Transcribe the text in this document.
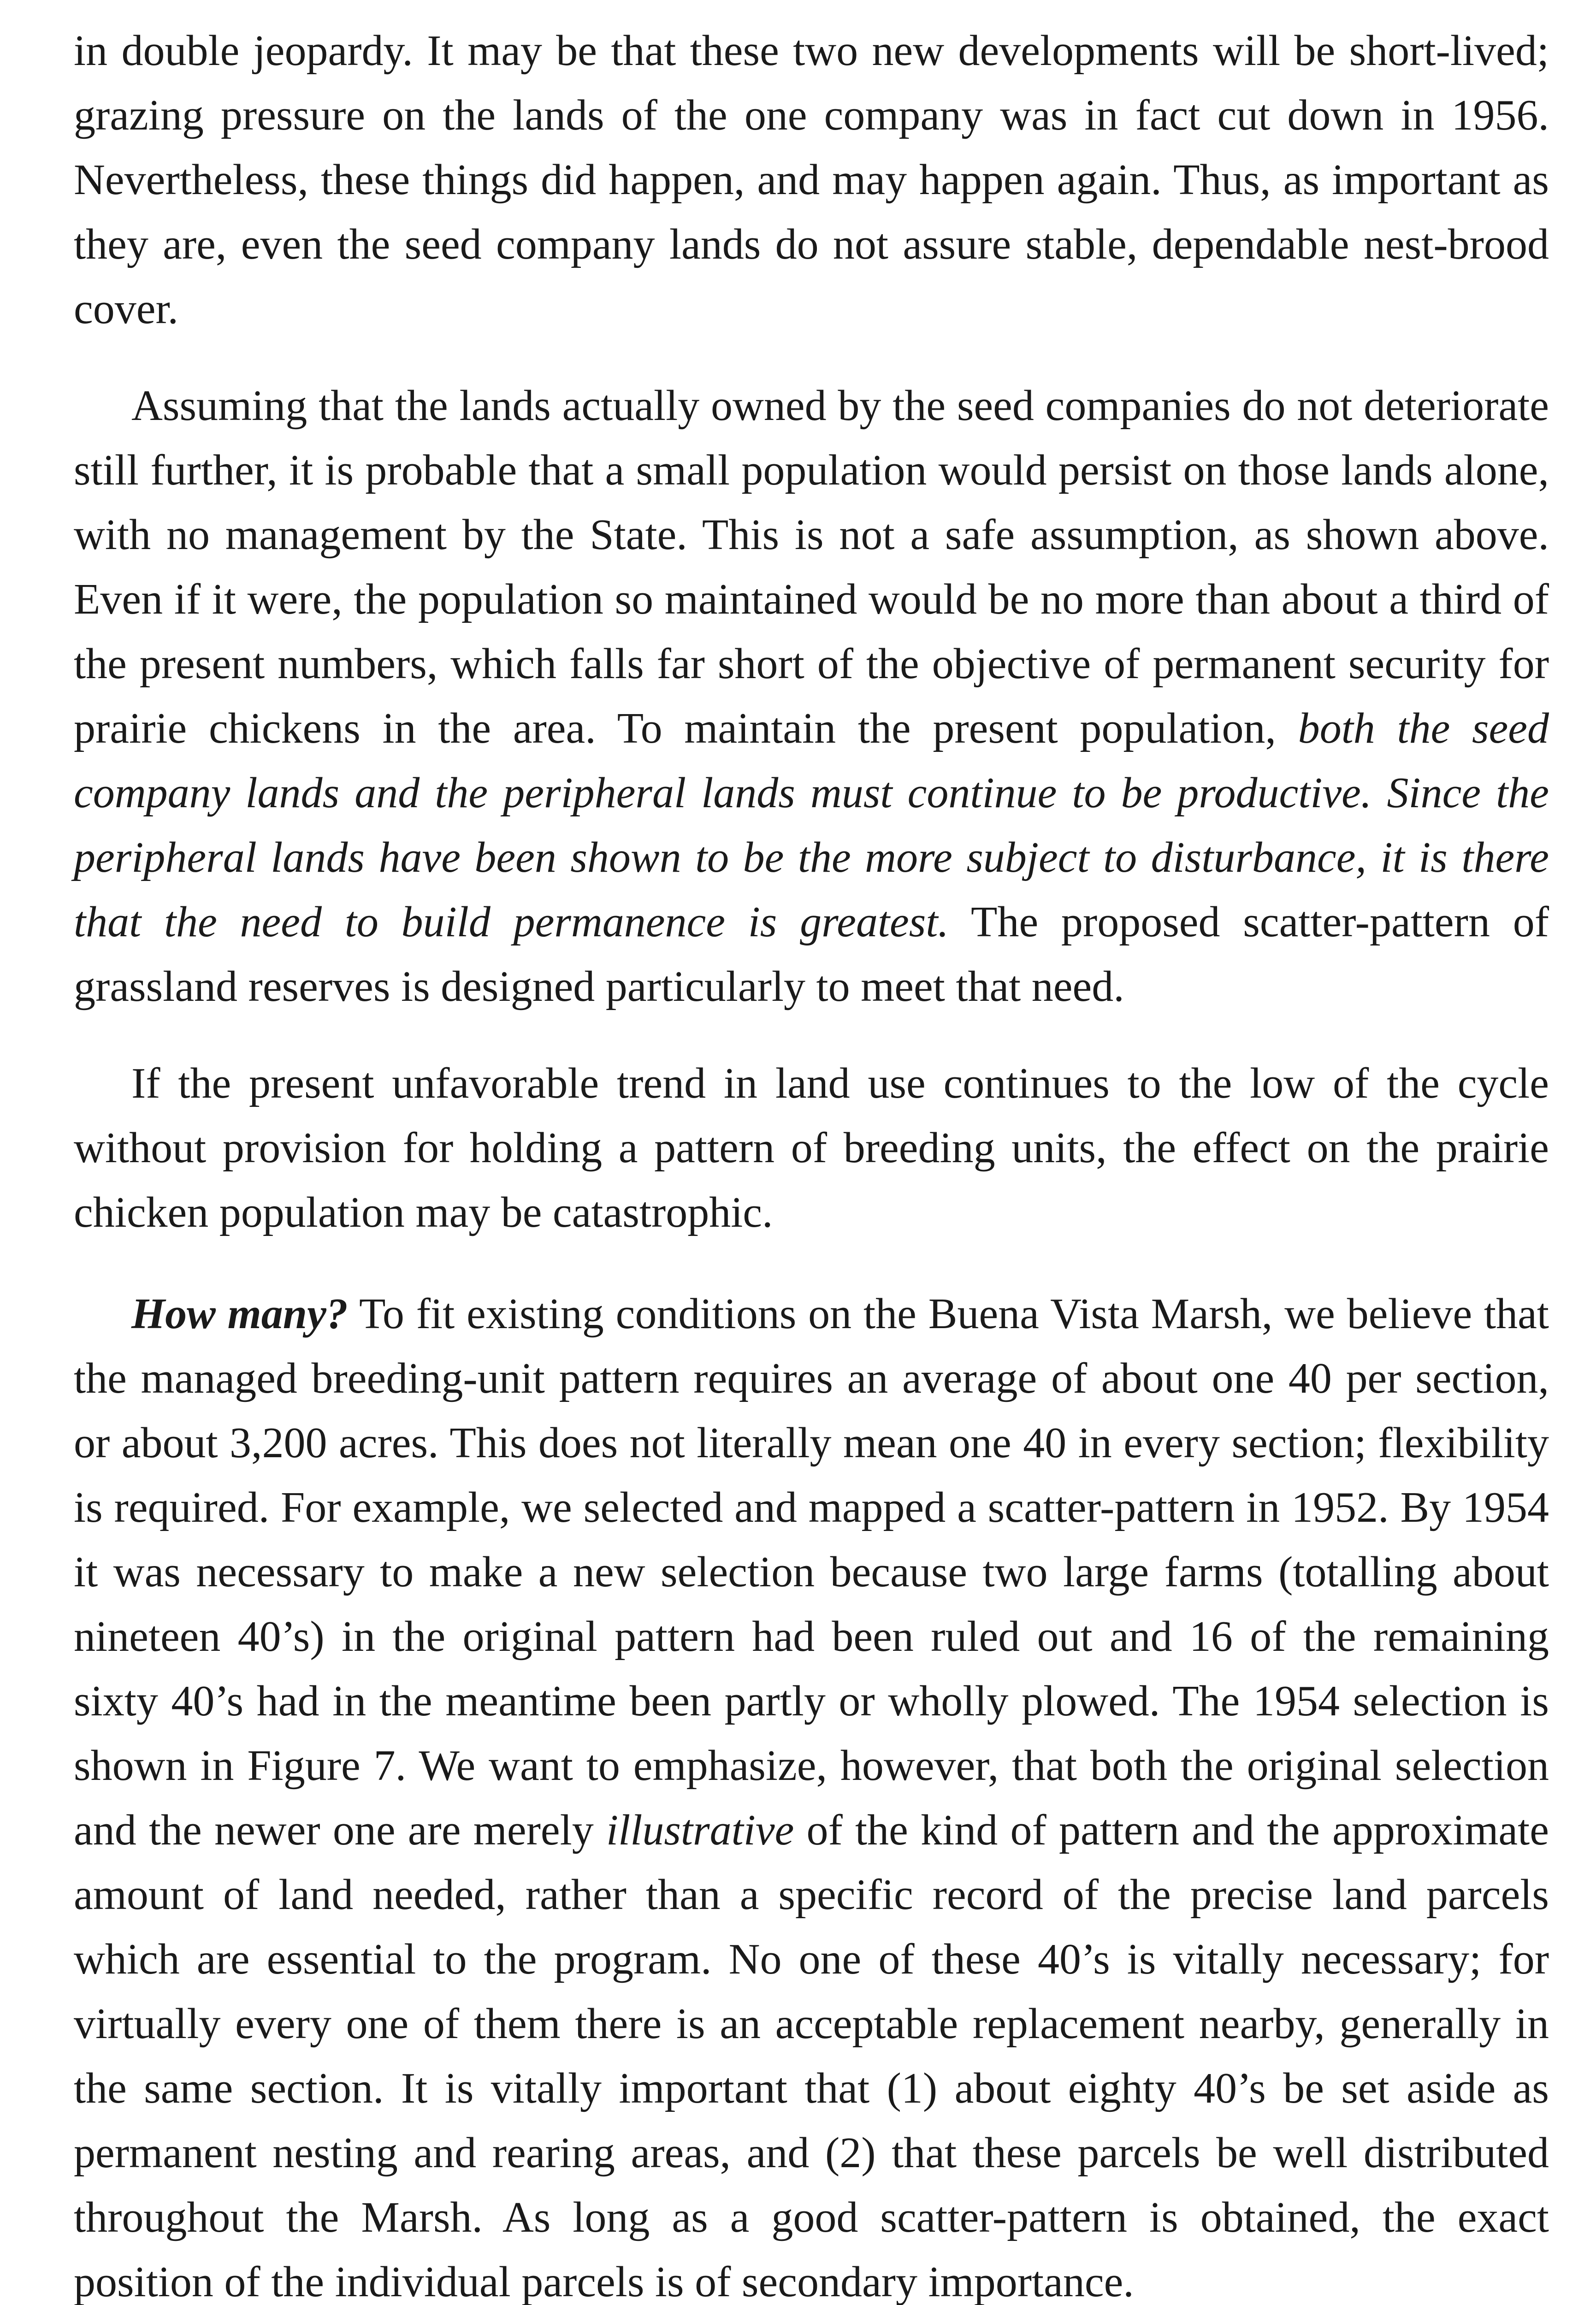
in double jeopardy. It may be that these two new developments will be short-lived; grazing pressure on the lands of the one company was in fact cut down in 1956. Nevertheless, these things did happen, and may happen again. Thus, as important as they are, even the seed company lands do not assure stable, dependable nest-brood cover.

Assuming that the lands actually owned by the seed companies do not deteriorate still further, it is probable that a small population would persist on those lands alone, with no management by the State. This is not a safe assumption, as shown above. Even if it were, the population so maintained would be no more than about a third of the present numbers, which falls far short of the objective of permanent security for prairie chickens in the area. To maintain the present population, both the seed company lands and the peripheral lands must continue to be productive. Since the peripheral lands have been shown to be the more subject to disturbance, it is there that the need to build permanence is greatest. The proposed scatter-pattern of grassland reserves is designed particularly to meet that need.

If the present unfavorable trend in land use continues to the low of the cycle without provision for holding a pattern of breeding units, the effect on the prairie chicken population may be catastrophic.

How many? To fit existing conditions on the Buena Vista Marsh, we believe that the managed breeding-unit pattern requires an average of about one 40 per section, or about 3,200 acres. This does not literally mean one 40 in every section; flexibility is required. For example, we selected and mapped a scatter-pattern in 1952. By 1954 it was necessary to make a new selection because two large farms (totalling about nineteen 40’s) in the original pattern had been ruled out and 16 of the remaining sixty 40’s had in the meantime been partly or wholly plowed. The 1954 selection is shown in Figure 7. We want to emphasize, however, that both the original selection and the newer one are merely illustrative of the kind of pattern and the approximate amount of land needed, rather than a specific record of the precise land parcels which are essential to the program. No one of these 40’s is vitally necessary; for virtually every one of them there is an acceptable replacement nearby, generally in the same section. It is vitally important that (1) about eighty 40’s be set aside as permanent nesting and rearing areas, and (2) that these parcels be well distributed throughout the Marsh. As long as a good scatter-pattern is obtained, the exact position of the individual parcels is of secondary importance.
